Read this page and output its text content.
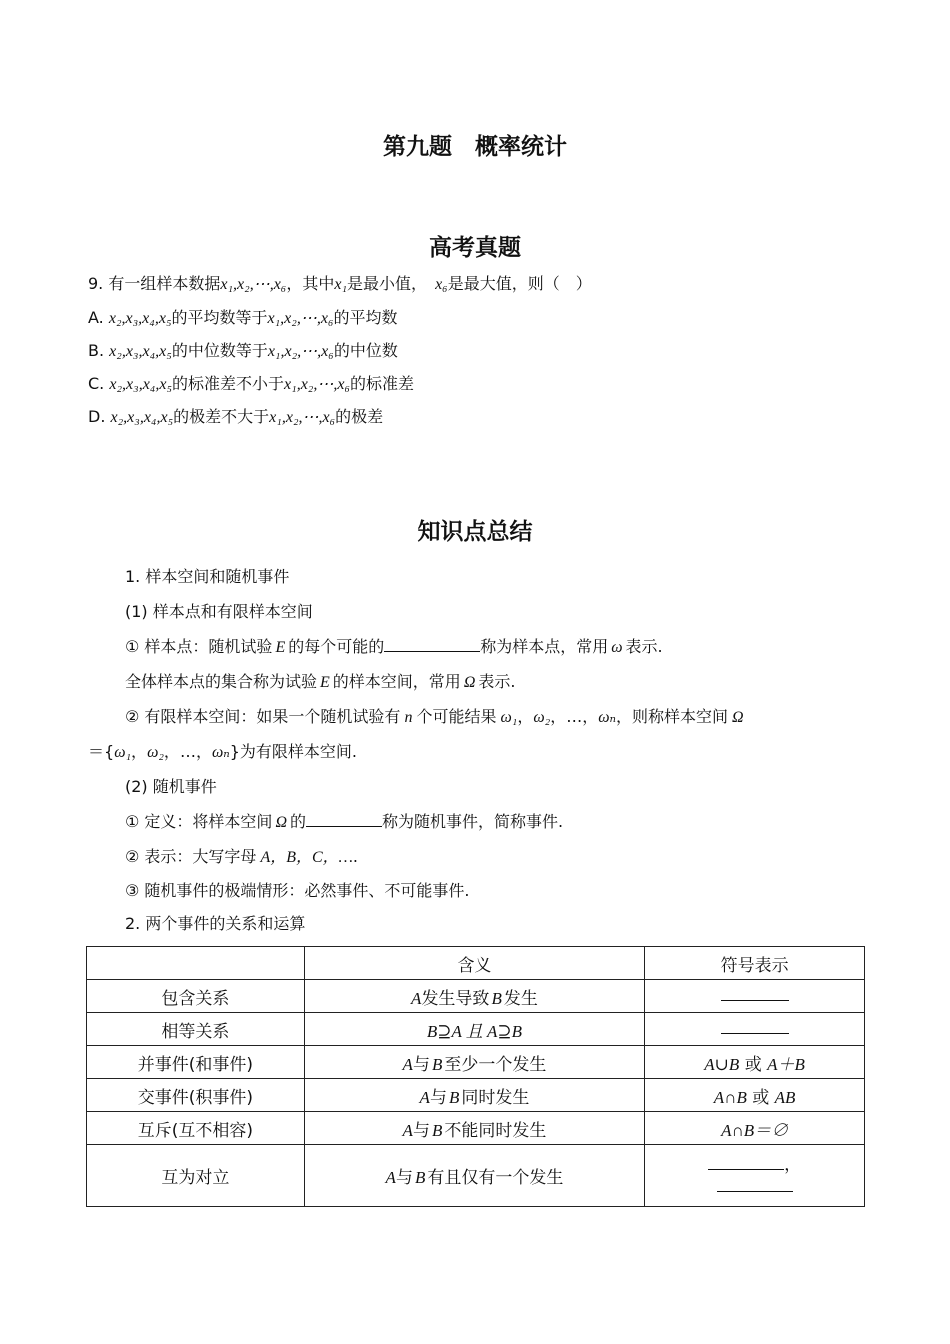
第九题　概率统计
高考真题
9. 有一组样本数据x₁,x₂,⋯,x₆，其中x₁是最小值， x₆是最大值，则（　）
A. x₂,x₃,x₄,x₅的平均数等于x₁,x₂,⋯,x₆的平均数
B. x₂,x₃,x₄,x₅的中位数等于x₁,x₂,⋯,x₆的中位数
C. x₂,x₃,x₄,x₅的标准差不小于x₁,x₂,⋯,x₆的标准差
D. x₂,x₃,x₄,x₅的极差不大于x₁,x₂,⋯,x₆的极差
知识点总结
1. 样本空间和随机事件
(1) 样本点和有限样本空间
① 样本点：随机试验 E 的每个可能的	称为样本点，常用 ω 表示.
全体样本点的集合称为试验 E 的样本空间，常用 Ω 表示.
② 有限样本空间：如果一个随机试验有 n 个可能结果 ω₁，ω₂，…，ωₙ，则称样本空间 Ω
＝{ω₁，ω₂，…，ωₙ}为有限样本空间.
(2) 随机事件
① 定义：将样本空间 Ω 的	称为随机事件，简称事件.
② 表示：大写字母 A，B，C，….
③ 随机事件的极端情形：必然事件、不可能事件.
2. 两个事件的关系和运算
	含义	符号表示
包含关系	A发生导致 B 发生	
相等关系	B⊇A 且 A⊇B	
并事件(和事件)	A与 B 至少一个发生	A∪B 或 A＋B
交事件(积事件)	A与 B 同时发生	A∩B 或 AB
互斥(互不相容)	A与 B 不能同时发生	A∩B＝∅
互为对立	A与 B 有且仅有一个发生	，
